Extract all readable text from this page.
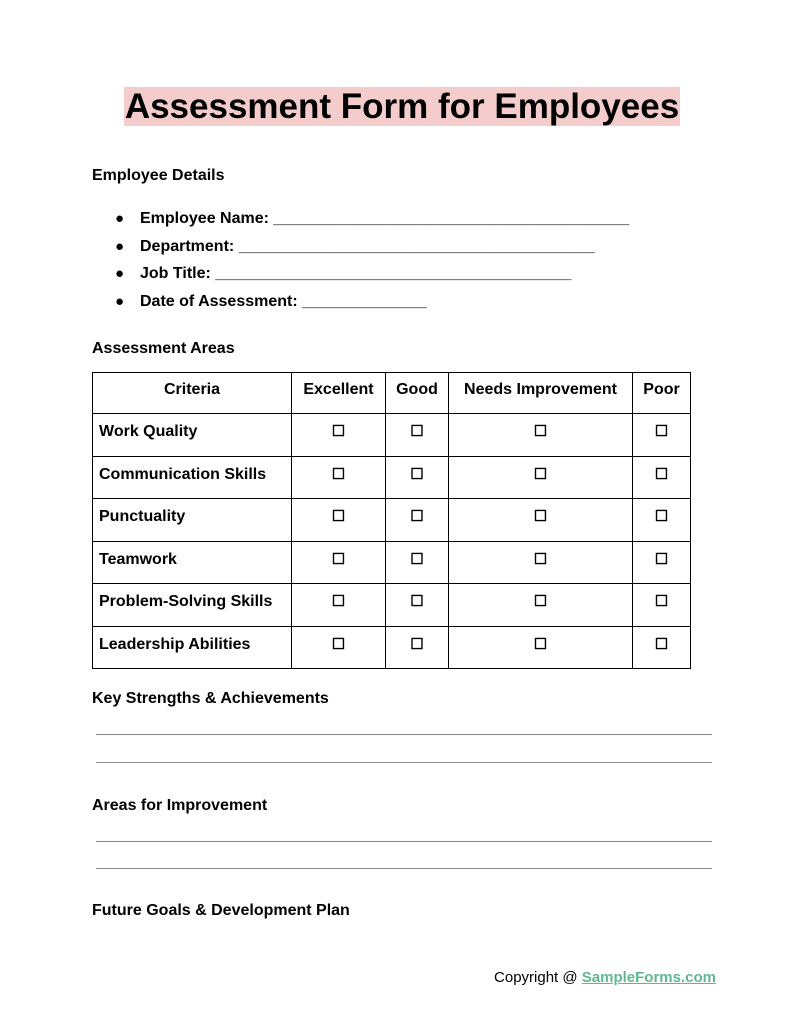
Assessment Form for Employees
Employee Details
● Employee Name: ________________________________________
● Department: ________________________________________
● Job Title: ________________________________________
● Date of Assessment: ______________
Assessment Areas
Criteria	Excellent	Good	Needs Improvement	Poor
Work Quality	☐	☐	☐	☐
Communication Skills	☐	☐	☐	☐
Punctuality	☐	☐	☐	☐
Teamwork	☐	☐	☐	☐
Problem-Solving Skills	☐	☐	☐	☐
Leadership Abilities	☐	☐	☐	☐
Key Strengths & Achievements
Areas for Improvement
Future Goals & Development Plan
Copyright @ SampleForms.com
